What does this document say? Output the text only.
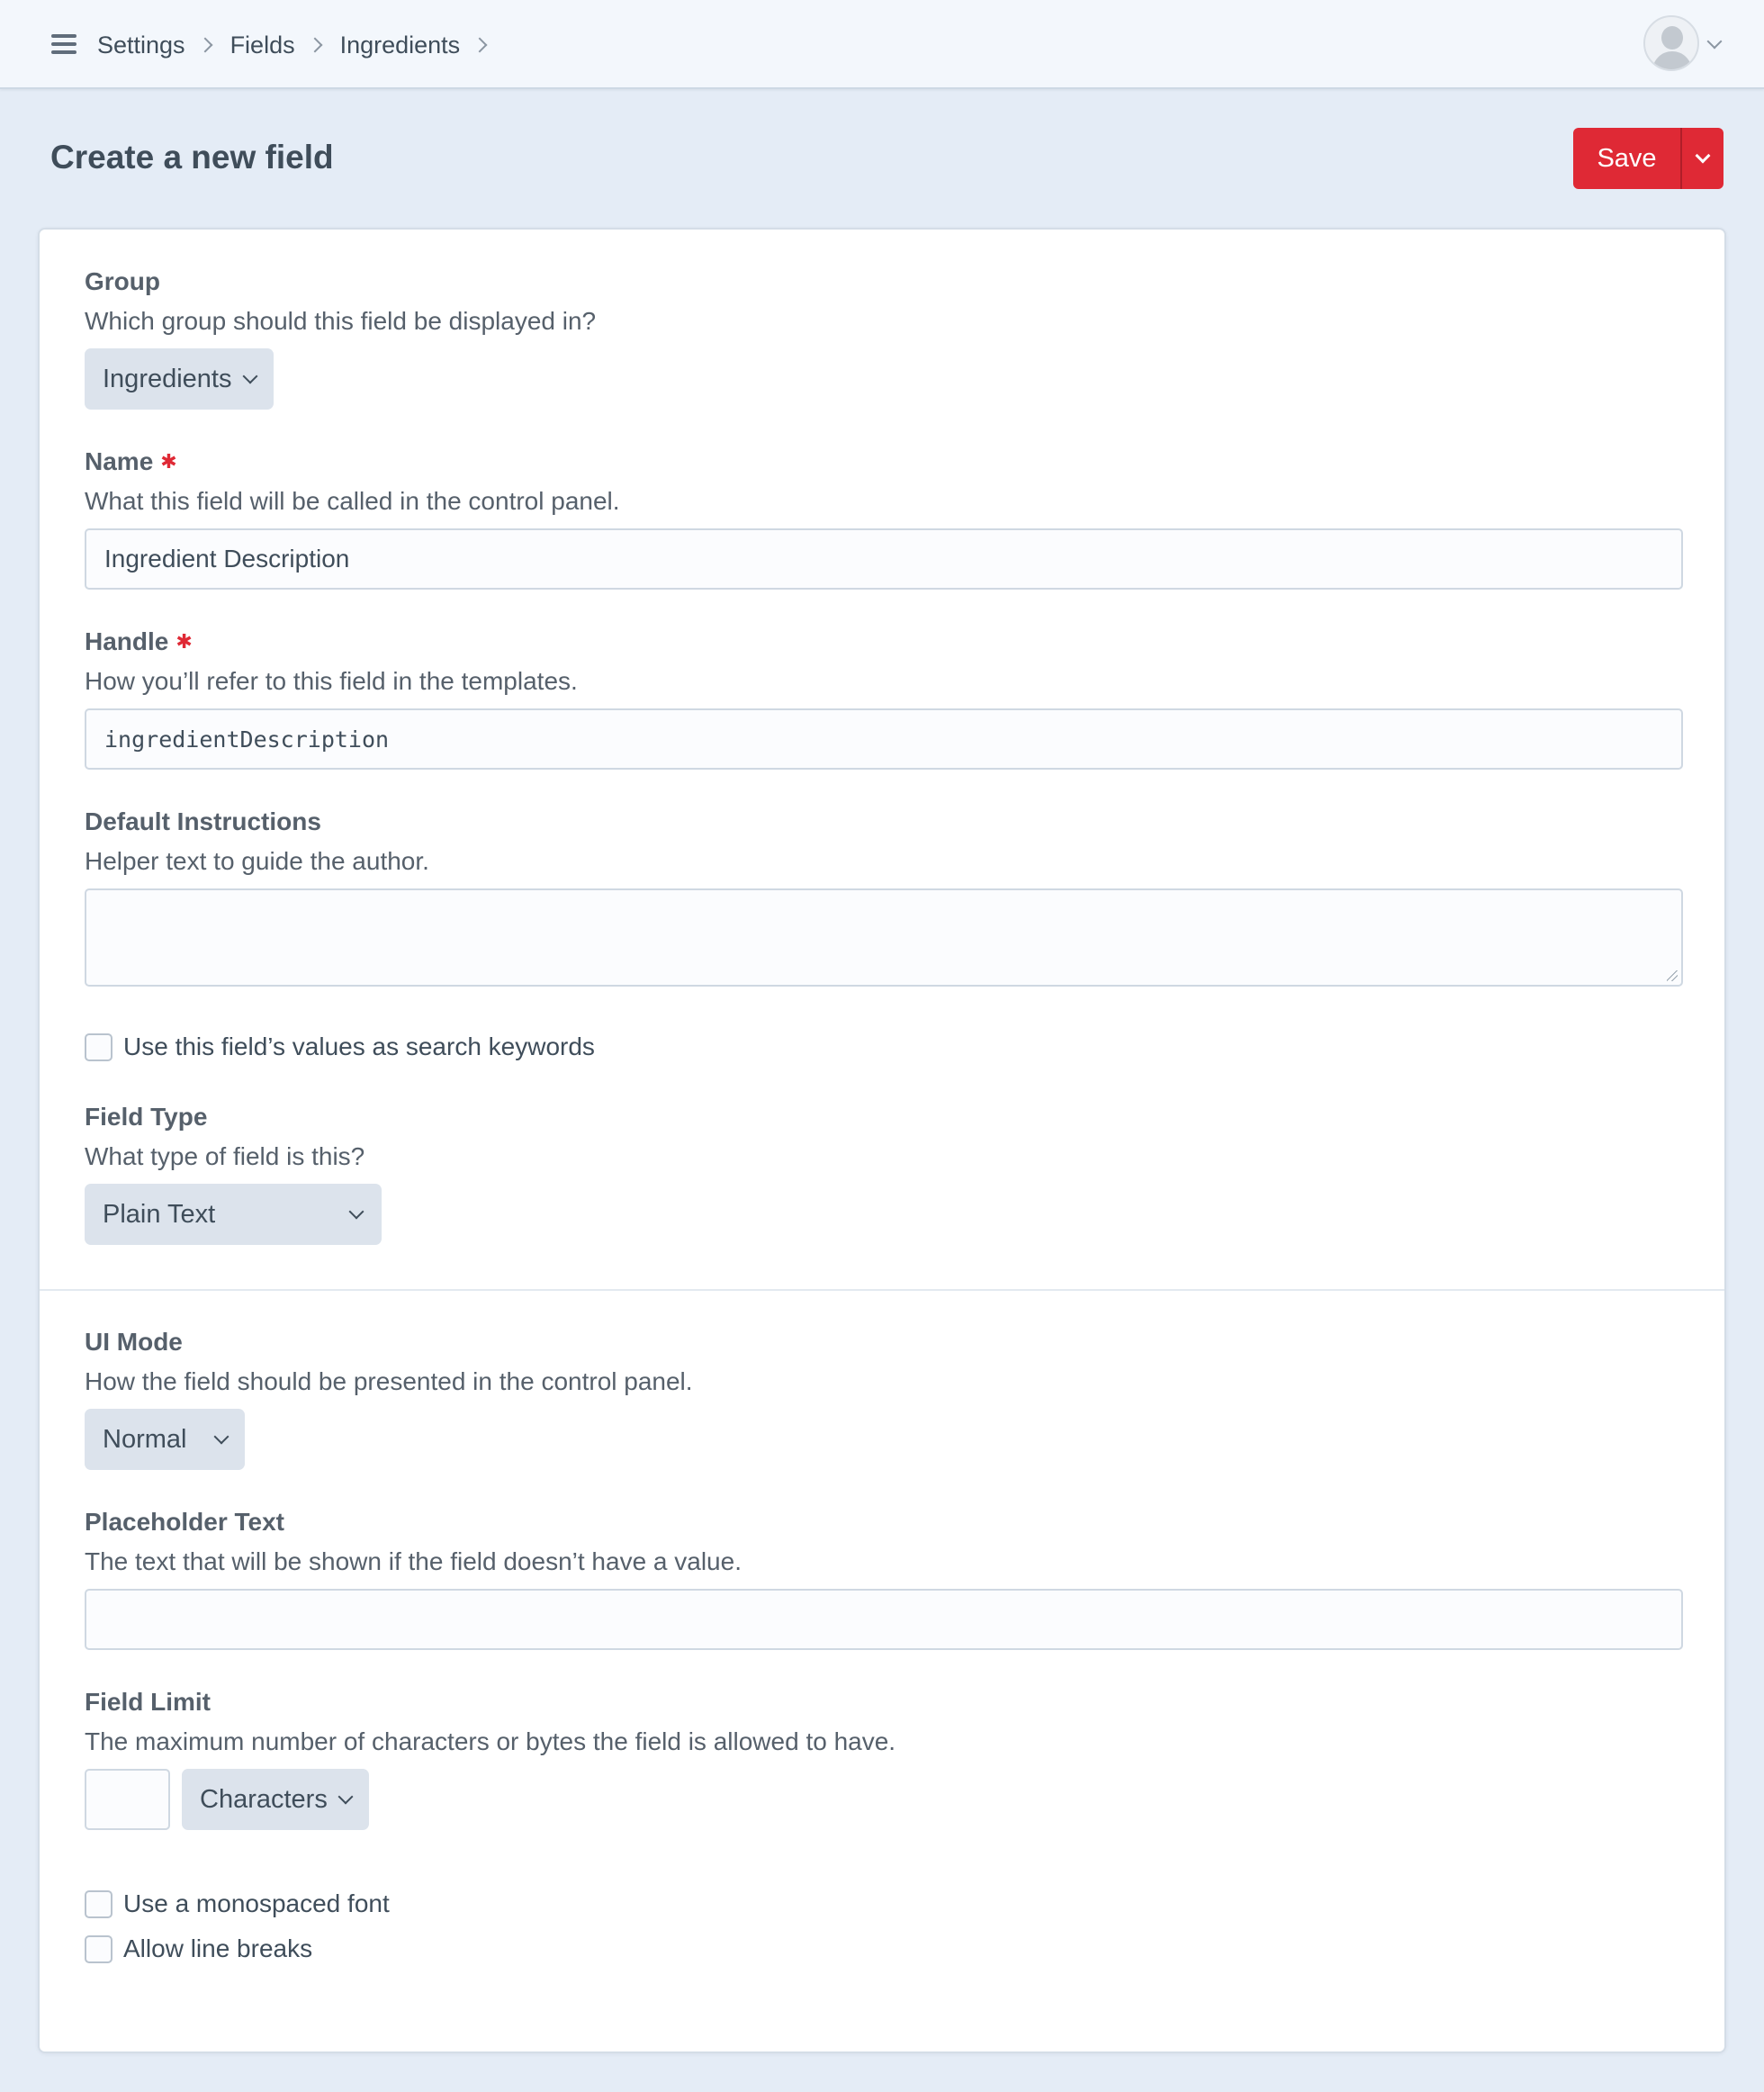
Settings Fields Ingredients
Create a new field	Save
Group
Which group should this field be displayed in?
Ingredients
Name ✱
What this field will be called in the control panel.
Ingredient Description
Handle ✱
How you’ll refer to this field in the templates.
ingredientDescription
Default Instructions
Helper text to guide the author.
Use this field’s values as search keywords
Field Type
What type of field is this?
Plain Text
UI Mode
How the field should be presented in the control panel.
Normal
Placeholder Text
The text that will be shown if the field doesn’t have a value.
Field Limit
The maximum number of characters or bytes the field is allowed to have.
Characters
Use a monospaced font
Allow line breaks
